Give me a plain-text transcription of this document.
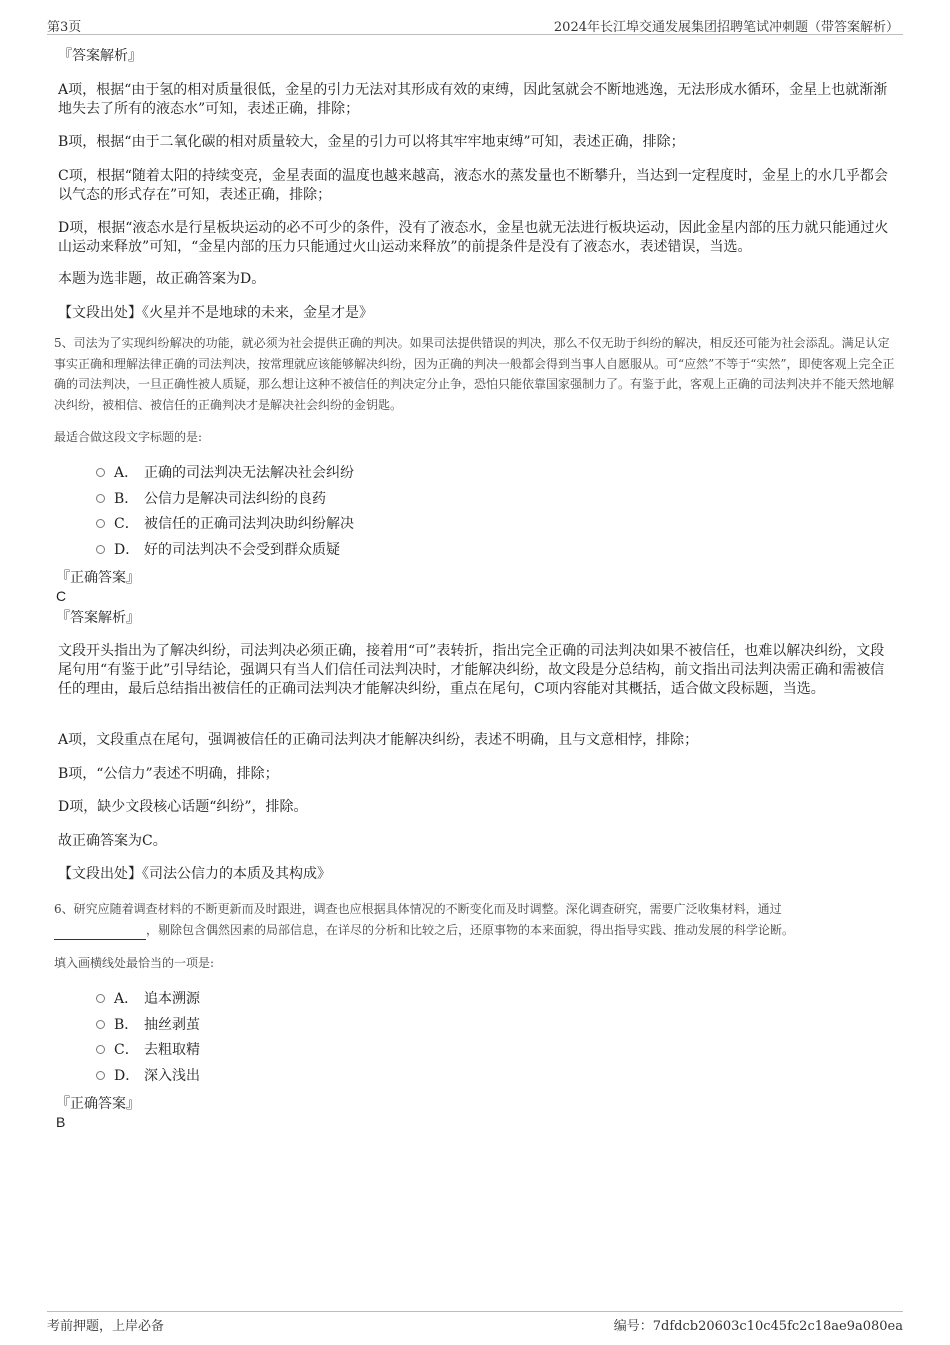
第3页	2024年长江埠交通发展集团招聘笔试冲刺题（带答案解析）

『答案解析』

A项，根据“由于氢的相对质量很低，金星的引力无法对其形成有效的束缚，因此氢就会不断地逃逸，无法形成水循环，金星上也就渐渐地失去了所有的液态水”可知，表述正确，排除；

B项，根据“由于二氧化碳的相对质量较大，金星的引力可以将其牢牢地束缚”可知，表述正确，排除；

C项，根据“随着太阳的持续变亮，金星表面的温度也越来越高，液态水的蒸发量也不断攀升，当达到一定程度时，金星上的水几乎都会以气态的形式存在”可知，表述正确，排除；

D项，根据“液态水是行星板块运动的必不可少的条件，没有了液态水，金星也就无法进行板块运动，因此金星内部的压力就只能通过火山运动来释放”可知，“金星内部的压力只能通过火山运动来释放”的前提条件是没有了液态水，表述错误，当选。

本题为选非题，故正确答案为D。

【文段出处】《火星并不是地球的未来，金星才是》

5、司法为了实现纠纷解决的功能，就必须为社会提供正确的判决。如果司法提供错误的判决，那么不仅无助于纠纷的解决，相反还可能为社会添乱。满足认定事实正确和理解法律正确的司法判决，按常理就应该能够解决纠纷，因为正确的判决一般都会得到当事人自愿服从。可“应然”不等于“实然”，即使客观上完全正确的司法判决，一旦正确性被人质疑，那么想让这种不被信任的判决定分止争，恐怕只能依靠国家强制力了。有鉴于此，客观上正确的司法判决并不能天然地解决纠纷，被相信、被信任的正确判决才是解决社会纠纷的金钥匙。

最适合做这段文字标题的是:

A． 正确的司法判决无法解决社会纠纷
B． 公信力是解决司法纠纷的良药
C． 被信任的正确司法判决助纠纷解决
D． 好的司法判决不会受到群众质疑

『正确答案』

C

『答案解析』

文段开头指出为了解决纠纷，司法判决必须正确，接着用“可”表转折，指出完全正确的司法判决如果不被信任，也难以解决纠纷，文段尾句用“有鉴于此”引导结论，强调只有当人们信任司法判决时，才能解决纠纷，故文段是分总结构，前文指出司法判决需正确和需被信任的理由，最后总结指出被信任的正确司法判决才能解决纠纷，重点在尾句，C项内容能对其概括，适合做文段标题，当选。

A项，文段重点在尾句，强调被信任的正确司法判决才能解决纠纷，表述不明确，且与文意相悖，排除；

B项，“公信力”表述不明确，排除；

D项，缺少文段核心话题“纠纷”，排除。

故正确答案为C。

【文段出处】《司法公信力的本质及其构成》

6、研究应随着调查材料的不断更新而及时跟进，调查也应根据具体情况的不断变化而及时调整。深化调查研究，需要广泛收集材料，通过
，剔除包含偶然因素的局部信息，在详尽的分析和比较之后，还原事物的本来面貌，得出指导实践、推动发展的科学论断。

填入画横线处最恰当的一项是:

A． 追本溯源
B． 抽丝剥茧
C． 去粗取精
D． 深入浅出

『正确答案』

B

考前押题，上岸必备	编号：7dfdcb20603c10c45fc2c18ae9a080ea
